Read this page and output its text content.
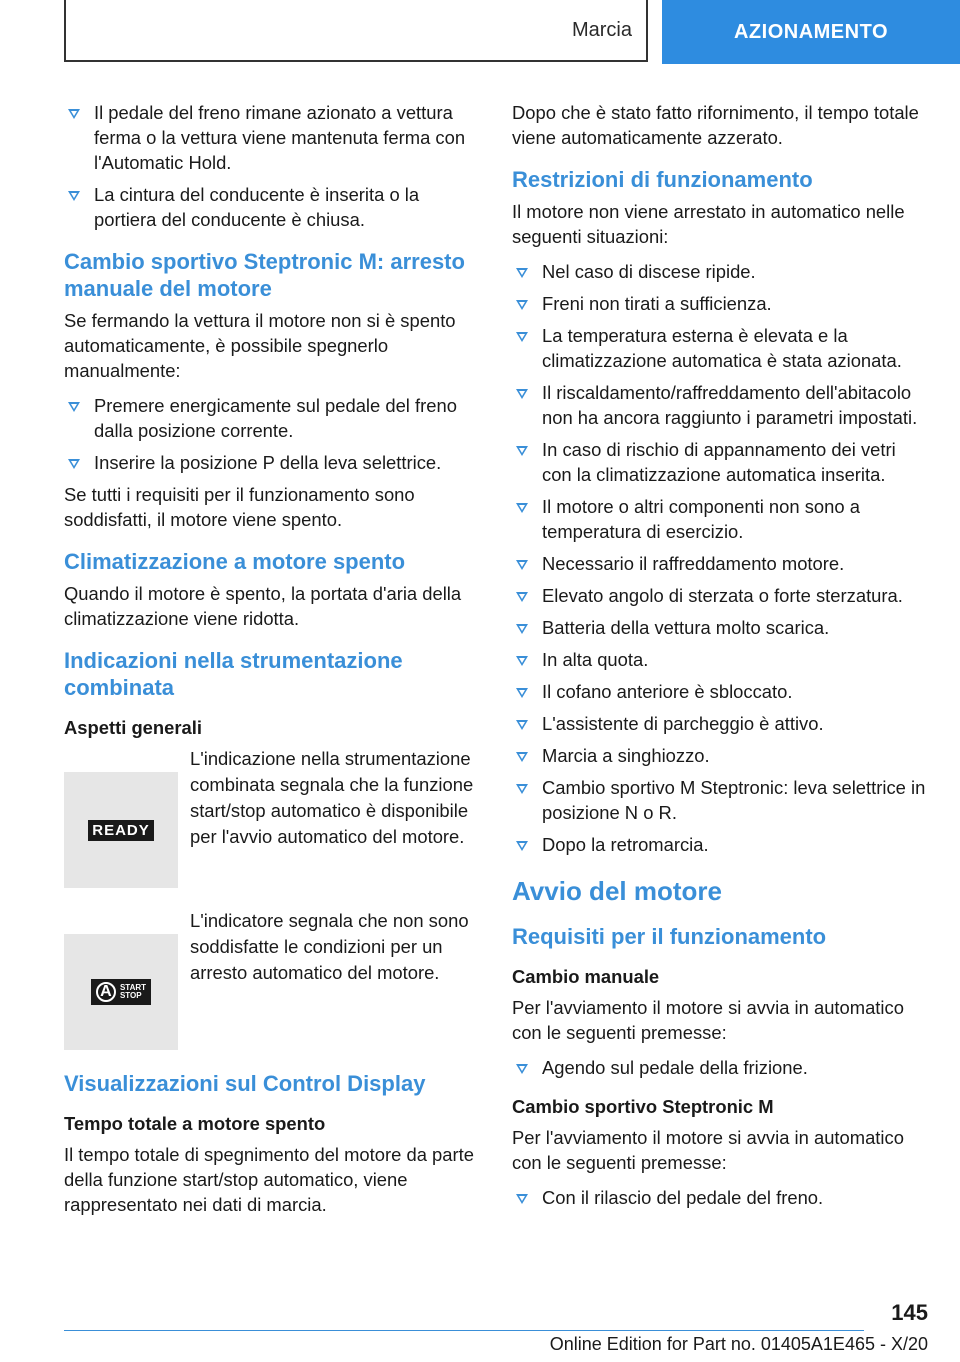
Marcia	AZIONAMENTO
Il pedale del freno rimane azionato a vettura ferma o la vettura viene mantenuta ferma con l'Automatic Hold.
La cintura del conducente è inserita o la portiera del conducente è chiusa.
Cambio sportivo Steptronic M: arresto manuale del motore

Se fermando la vettura il motore non si è spento automaticamente, è possibile spegnerlo manualmente:

Premere energicamente sul pedale del freno dalla posizione corrente.
Inserire la posizione P della leva selettrice.

Se tutti i requisiti per il funzionamento sono soddisfatti, il motore viene spento.

Climatizzazione a motore spento

Quando il motore è spento, la portata d'aria della climatizzazione viene ridotta.

Indicazioni nella strumentazione combinata
Aspetti generali
READY
L'indicazione nella strumentazione combinata segnala che la funzione start/stop automatico è disponibile per l'avvio automatico del motore.
A	START
STOP
L'indicatore segnala che non sono soddisfatte le condizioni per un arresto automatico del motore.
Visualizzazioni sul Control Display
Tempo totale a motore spento

Il tempo totale di spegnimento del motore da parte della funzione start/stop automatico, viene rappresentato nei dati di marcia.

Dopo che è stato fatto rifornimento, il tempo totale viene automaticamente azzerato.

Restrizioni di funzionamento

Il motore non viene arrestato in automatico nelle seguenti situazioni:

Nel caso di discese ripide.
Freni non tirati a sufficienza.
La temperatura esterna è elevata e la climatizzazione automatica è stata azionata.
Il riscaldamento/raffreddamento dell'abitacolo non ha ancora raggiunto i parametri impostati.
In caso di rischio di appannamento dei vetri con la climatizzazione automatica inserita.
Il motore o altri componenti non sono a temperatura di esercizio.
Necessario il raffreddamento motore.
Elevato angolo di sterzata o forte sterzatura.
Batteria della vettura molto scarica.
In alta quota.
Il cofano anteriore è sbloccato.
L'assistente di parcheggio è attivo.
Marcia a singhiozzo.
Cambio sportivo M Steptronic: leva selettrice in posizione N o R.
Dopo la retromarcia.
Avvio del motore
Requisiti per il funzionamento
Cambio manuale

Per l'avviamento il motore si avvia in automatico con le seguenti premesse:

Agendo sul pedale della frizione.
Cambio sportivo Steptronic M

Per l'avviamento il motore si avvia in automatico con le seguenti premesse:

Con il rilascio del pedale del freno.
145
Online Edition for Part no. 01405A1E465 - X/20
